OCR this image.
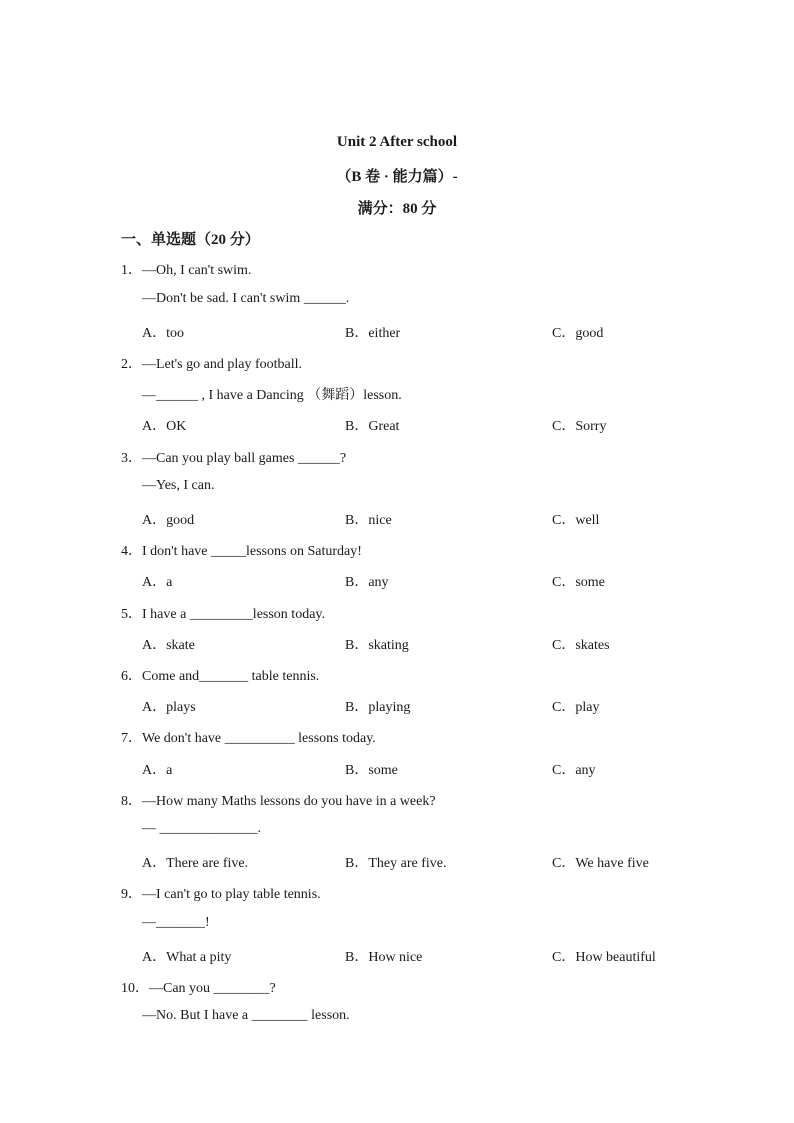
Unit 2 After school
（B 卷 · 能力篇）-
满分：80 分
一、单选题（20 分）
1．—Oh, I can't swim.
—Don't be sad. I can't swim ______.
A．too	B．either	C．good
2．—Let's go and play football.
—______ , I have a Dancing （舞蹈）lesson.
A．OK	B．Great	C．Sorry
3．—Can you play ball games ______?
—Yes, I can.
A．good	B．nice	C．well
4．I don't have _____lessons on Saturday!
A．a	B．any	C．some
5．I have a _________lesson today.
A．skate	B．skating	C．skates
6．Come and_______ table tennis.
A．plays	B．playing	C．play
7．We don't have __________ lessons today.
A．a	B．some	C．any
8．—How many Maths lessons do you have in a week?
— ______________.
A．There are five.	B．They are five.	C．We have five
9．—I can't go to play table tennis.
—_______!
A．What a pity	B．How nice	C．How beautiful
10．—Can you ________?
—No. But I have a ________ lesson.
